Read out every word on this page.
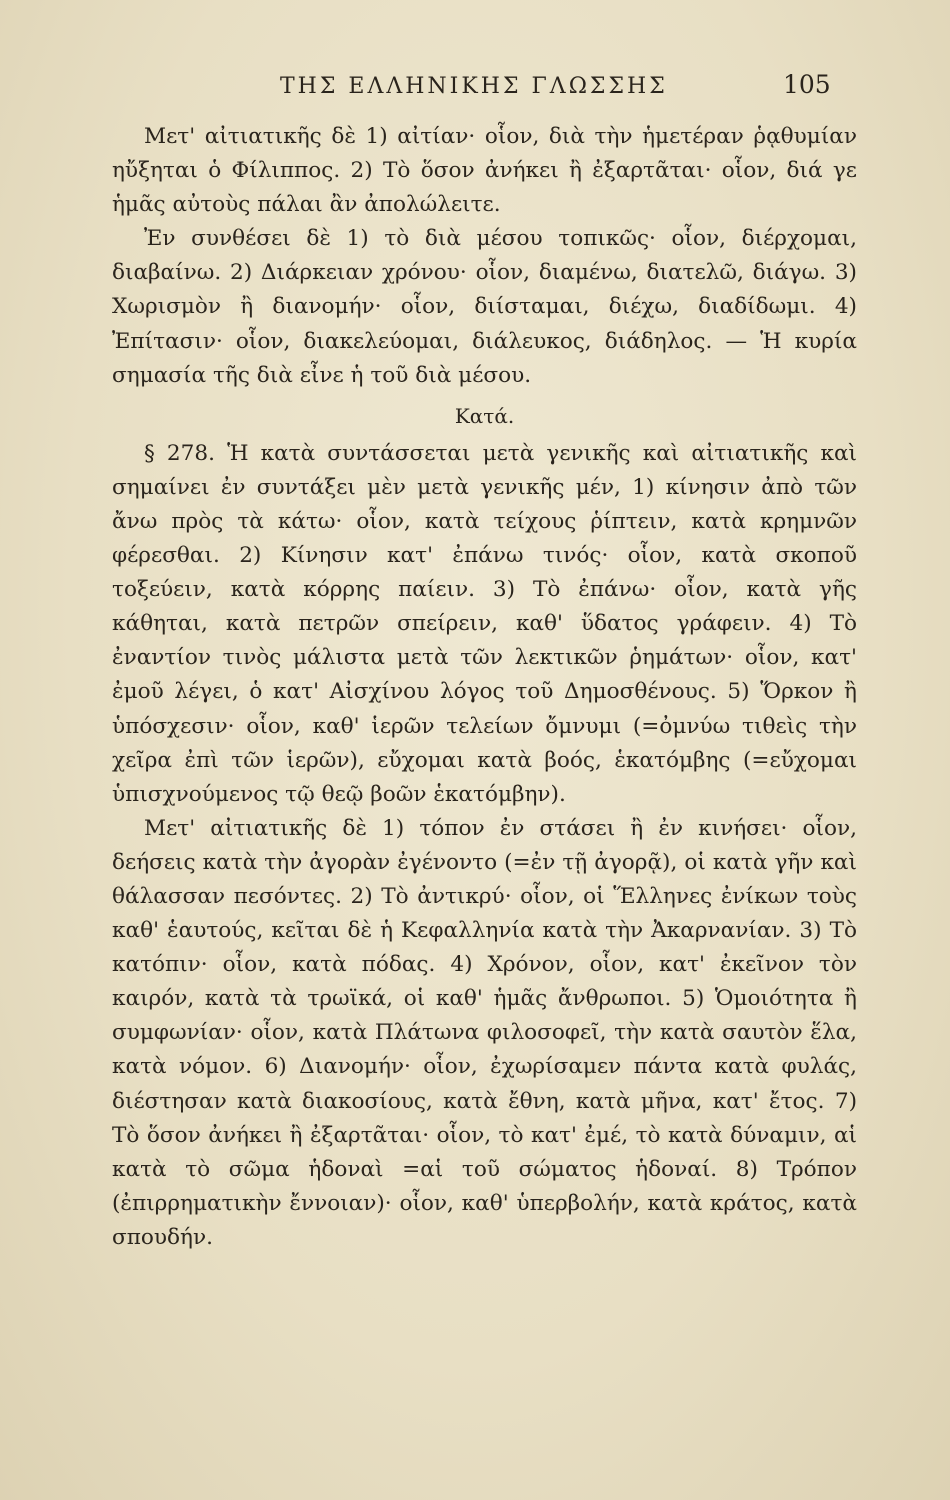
ΤΗΣ ΕΛΛΗΝΙΚΗΣ ΓΛΩΣΣΗΣ	105

Μετ' αἰτιατικῆς δὲ 1) αἰτίαν· οἷον, διὰ τὴν ἡμετέραν ῥᾳθυμίαν ηὔξηται ὁ Φίλιππος. 2) Τὸ ὅσον ἀνήκει ἢ ἐξαρτᾶται· οἷον, διά γε ἡμᾶς αὐτοὺς πάλαι ἂν ἀπολώλειτε.

Ἐν συνθέσει δὲ 1) τὸ διὰ μέσου τοπικῶς· οἷον, διέρχομαι, διαβαίνω. 2) Διάρκειαν χρόνου· οἷον, διαμένω, διατελῶ, διάγω. 3) Χωρισμὸν ἢ διανομήν· οἷον, διίσταμαι, διέχω, διαδίδωμι. 4) Ἐπίτασιν· οἷον, διακελεύομαι, διάλευκος, διάδηλος. — Ἡ κυρία σημασία τῆς διὰ εἶνε ἡ τοῦ διὰ μέσου.

Κατά.

§ 278. Ἡ κατὰ συντάσσεται μετὰ γενικῆς καὶ αἰτιατικῆς καὶ σημαίνει ἐν συντάξει μὲν μετὰ γενικῆς μέν, 1) κίνησιν ἀπὸ τῶν ἄνω πρὸς τὰ κάτω· οἷον, κατὰ τείχους ῥίπτειν, κατὰ κρημνῶν φέρεσθαι. 2) Κίνησιν κατ' ἐπάνω τινός· οἷον, κατὰ σκοποῦ τοξεύειν, κατὰ κόρρης παίειν. 3) Τὸ ἐπάνω· οἷον, κατὰ γῆς κάθηται, κατὰ πετρῶν σπείρειν, καθ' ὕδατος γράφειν. 4) Τὸ ἐναντίον τινὸς μάλιστα μετὰ τῶν λεκτικῶν ῥημάτων· οἷον, κατ' ἐμοῦ λέγει, ὁ κατ' Αἰσχίνου λόγος τοῦ Δημοσθένους. 5) Ὅρκον ἢ ὑπόσχεσιν· οἷον, καθ' ἱερῶν τελείων ὄμνυμι (=ὀμνύω τιθεὶς τὴν χεῖρα ἐπὶ τῶν ἱερῶν), εὔχομαι κατὰ βοός, ἑκατόμβης (=εὔχομαι ὑπισχνούμενος τῷ θεῷ βοῶν ἑκατόμβην).

Μετ' αἰτιατικῆς δὲ 1) τόπον ἐν στάσει ἢ ἐν κινήσει· οἷον, δεήσεις κατὰ τὴν ἀγορὰν ἐγένοντο (=ἐν τῇ ἀγορᾷ), οἱ κατὰ γῆν καὶ θάλασσαν πεσόντες. 2) Τὸ ἀντικρύ· οἷον, οἱ Ἕλληνες ἐνίκων τοὺς καθ' ἑαυτούς, κεῖται δὲ ἡ Κεφαλληνία κατὰ τὴν Ἀκαρνανίαν. 3) Τὸ κατόπιν· οἷον, κατὰ πόδας. 4) Χρόνον, οἷον, κατ' ἐκεῖνον τὸν καιρόν, κατὰ τὰ τρωϊκά, οἱ καθ' ἡμᾶς ἄνθρωποι. 5) Ὁμοιότητα ἢ συμφωνίαν· οἷον, κατὰ Πλάτωνα φιλοσοφεῖ, τὴν κατὰ σαυτὸν ἕλα, κατὰ νόμον. 6) Διανομήν· οἷον, ἐχωρίσαμεν πάντα κατὰ φυλάς, διέστησαν κατὰ διακοσίους, κατὰ ἔθνη, κατὰ μῆνα, κατ' ἔτος. 7) Τὸ ὅσον ἀνήκει ἢ ἐξαρτᾶται· οἷον, τὸ κατ' ἐμέ, τὸ κατὰ δύναμιν, αἱ κατὰ τὸ σῶμα ἡδοναὶ =αἱ τοῦ σώματος ἡδοναί. 8) Τρόπον (ἐπιρρηματικὴν ἔννοιαν)· οἷον, καθ' ὑπερβολήν, κατὰ κράτος, κατὰ σπουδήν.
